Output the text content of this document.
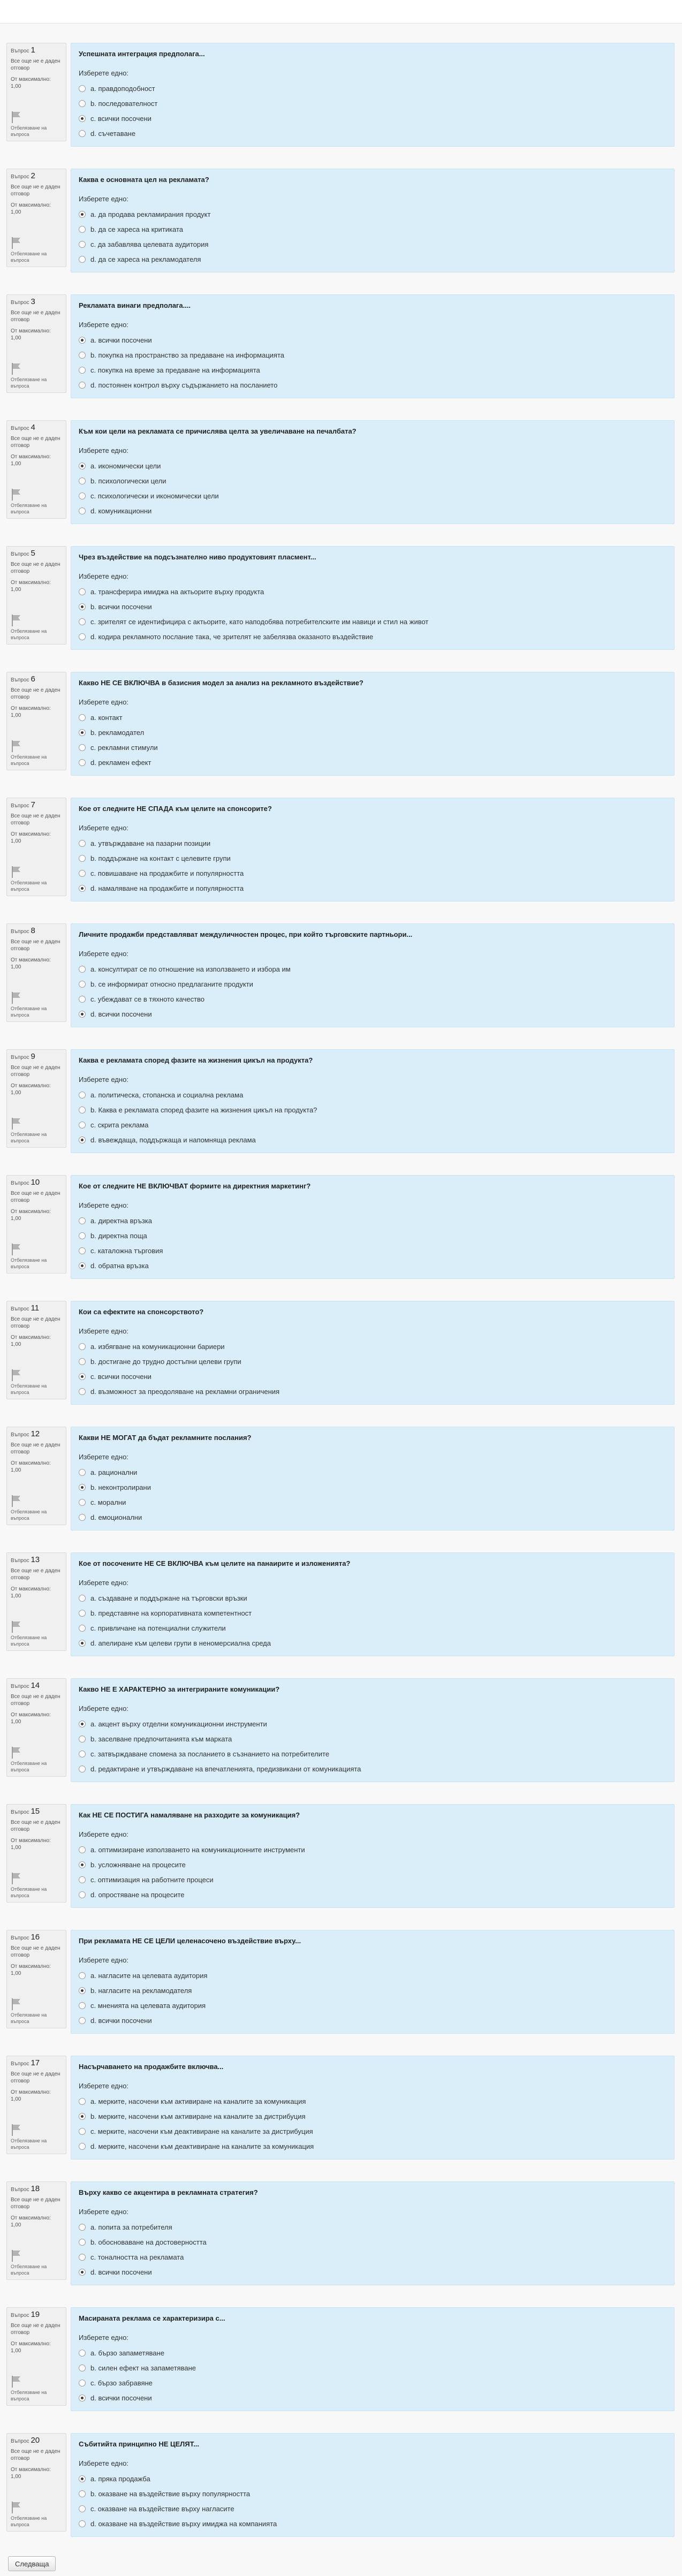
Въпрос 1
Все още не е даден отговор
От максимално: 1,00
Отбелязване на въпроса
Успешната интеграция предполага...
Изберете едно:
a. правдоподобност
b. последователност
c. всички посочени
d. съчетаване
Въпрос 2
Все още не е даден отговор
От максимално: 1,00
Отбелязване на въпроса
Каква е основната цел на рекламата?
Изберете едно:
a. да продава рекламирания продукт
b. да се хареса на критиката
c. да забавлява целевата аудитория
d. да се хареса на рекламодателя
Въпрос 3
Все още не е даден отговор
От максимално: 1,00
Отбелязване на въпроса
Рекламата винаги предполага....
Изберете едно:
a. всички посочени
b. покупка на пространство за предаване на информацията
c. покупка на време за предаване на информацията
d. постоянен контрол върху съдържанието на посланието
Въпрос 4
Все още не е даден отговор
От максимално: 1,00
Отбелязване на въпроса
Към кои цели на рекламата се причислява целта за увеличаване на печалбата?
Изберете едно:
a. икономически цели
b. психологически цели
c. психологически и икономически цели
d. комуникационни
Въпрос 5
Все още не е даден отговор
От максимално: 1,00
Отбелязване на въпроса
Чрез въздействие на подсъзнателно ниво продуктовият пласмент...
Изберете едно:
a. трансферира имиджа на актьорите върху продукта
b. всички посочени
c. зрителят се идентифицира с актьорите, като наподобява потребителските им навици и стил на живот
d. кодира рекламното послание така, че зрителят не забелязва оказаното въздействие
Въпрос 6
Все още не е даден отговор
От максимално: 1,00
Отбелязване на въпроса
Какво НЕ СЕ ВКЛЮЧВА в базисния модел за анализ на рекламното въздействие?
Изберете едно:
a. контакт
b. рекламодател
c. рекламни стимули
d. рекламен ефект
Въпрос 7
Все още не е даден отговор
От максимално: 1,00
Отбелязване на въпроса
Кое от следните НЕ СПАДА към целите на спонсорите?
Изберете едно:
a. утвърждаване на пазарни позиции
b. поддържане на контакт с целевите групи
c. повишаване на продажбите и популярността
d. намаляване на продажбите и популярността
Въпрос 8
Все още не е даден отговор
От максимално: 1,00
Отбелязване на въпроса
Личните продажби представляват междуличностен процес, при който търговските партньори...
Изберете едно:
a. консултират се по отношение на използването и избора им
b. се информират относно предлаганите продукти
c. убеждават се в тяхното качество
d. всички посочени
Въпрос 9
Все още не е даден отговор
От максимално: 1,00
Отбелязване на въпроса
Каква е рекламата според фазите на жизнения цикъл на продукта?
Изберете едно:
a. политическа, стопанска и социална реклама
b. Каква е рекламата според фазите на жизнения цикъл на продукта?
c. скрита реклама
d. въвеждаща, поддържаща и напомняща реклама
Въпрос 10
Все още не е даден отговор
От максимално: 1,00
Отбелязване на въпроса
Кое от следните НЕ ВКЛЮЧВАТ формите на директния маркетинг?
Изберете едно:
a. директна връзка
b. директна поща
c. каталожна търговия
d. обратна връзка
Въпрос 11
Все още не е даден отговор
От максимално: 1,00
Отбелязване на въпроса
Кои са ефектите на спонсорството?
Изберете едно:
a. избягване на комуникационни бариери
b. достигане до трудно достъпни целеви групи
c. всички посочени
d. възможност за преодоляване на рекламни ограничения
Въпрос 12
Все още не е даден отговор
От максимално: 1,00
Отбелязване на въпроса
Какви НЕ МОГАТ да бъдат рекламните послания?
Изберете едно:
a. рационални
b. неконтролирани
c. морални
d. емоционални
Въпрос 13
Все още не е даден отговор
От максимално: 1,00
Отбелязване на въпроса
Кое от посочените НЕ СЕ ВКЛЮЧВА към целите на панаирите и изложенията?
Изберете едно:
a. създаване и поддържане на търговски връзки
b. представяне на корпоративната компетентност
c. привличане на потенциални служители
d. апелиране към целеви групи в неномерсиална среда
Въпрос 14
Все още не е даден отговор
От максимално: 1,00
Отбелязване на въпроса
Какво НЕ Е ХАРАКТЕРНО за интегрираните комуникации?
Изберете едно:
a. акцент върху отделни комуникационни инструменти
b. заселване предпочитанията към марката
c. затвърждаване спомена за посланието в съзнанието на потребителите
d. редактиране и утвърждаване на впечатленията, предизвикани от комуникацията
Въпрос 15
Все още не е даден отговор
От максимално: 1,00
Отбелязване на въпроса
Как НЕ СЕ ПОСТИГА намаляване на разходите за комуникация?
Изберете едно:
a. оптимизиране използването на комуникационните инструменти
b. усложняване на процесите
c. оптимизация на работните процеси
d. опростяване на процесите
Въпрос 16
Все още не е даден отговор
От максимално: 1,00
Отбелязване на въпроса
При рекламата НЕ СЕ ЦЕЛИ целенасочено въздействие върху...
Изберете едно:
a. нагласите на целевата аудитория
b. нагласите на рекламодателя
c. мненията на целевата аудитория
d. всички посочени
Въпрос 17
Все още не е даден отговор
От максимално: 1,00
Отбелязване на въпроса
Насърчаването на продажбите включва...
Изберете едно:
a. мерките, насочени към активиране на каналите за комуникация
b. мерките, насочени към активиране на каналите за дистрибуция
c. мерките, насочени към деактивиране на каналите за дистрибуция
d. мерките, насочени към деактивиране на каналите за комуникация
Въпрос 18
Все още не е даден отговор
От максимално: 1,00
Отбелязване на въпроса
Върху какво се акцентира в рекламната стратегия?
Изберете едно:
a. попита за потребителя
b. обосноваване на достоверността
c. тоналността на рекламата
d. всички посочени
Въпрос 19
Все още не е даден отговор
От максимално: 1,00
Отбелязване на въпроса
Масираната реклама се характеризира с...
Изберете едно:
a. бързо запаметяване
b. силен ефект на запаметяване
c. бързо забравяне
d. всички посочени
Въпрос 20
Все още не е даден отговор
От максимално: 1,00
Отбелязване на въпроса
Събитийта принципно НЕ ЦЕЛЯТ...
Изберете едно:
a. пряка продажба
b. оказване на въздействие върху популярността
c. оказване на въздействие върху нагласите
d. оказване на въздействие върху имиджа на компанията
Следваща
